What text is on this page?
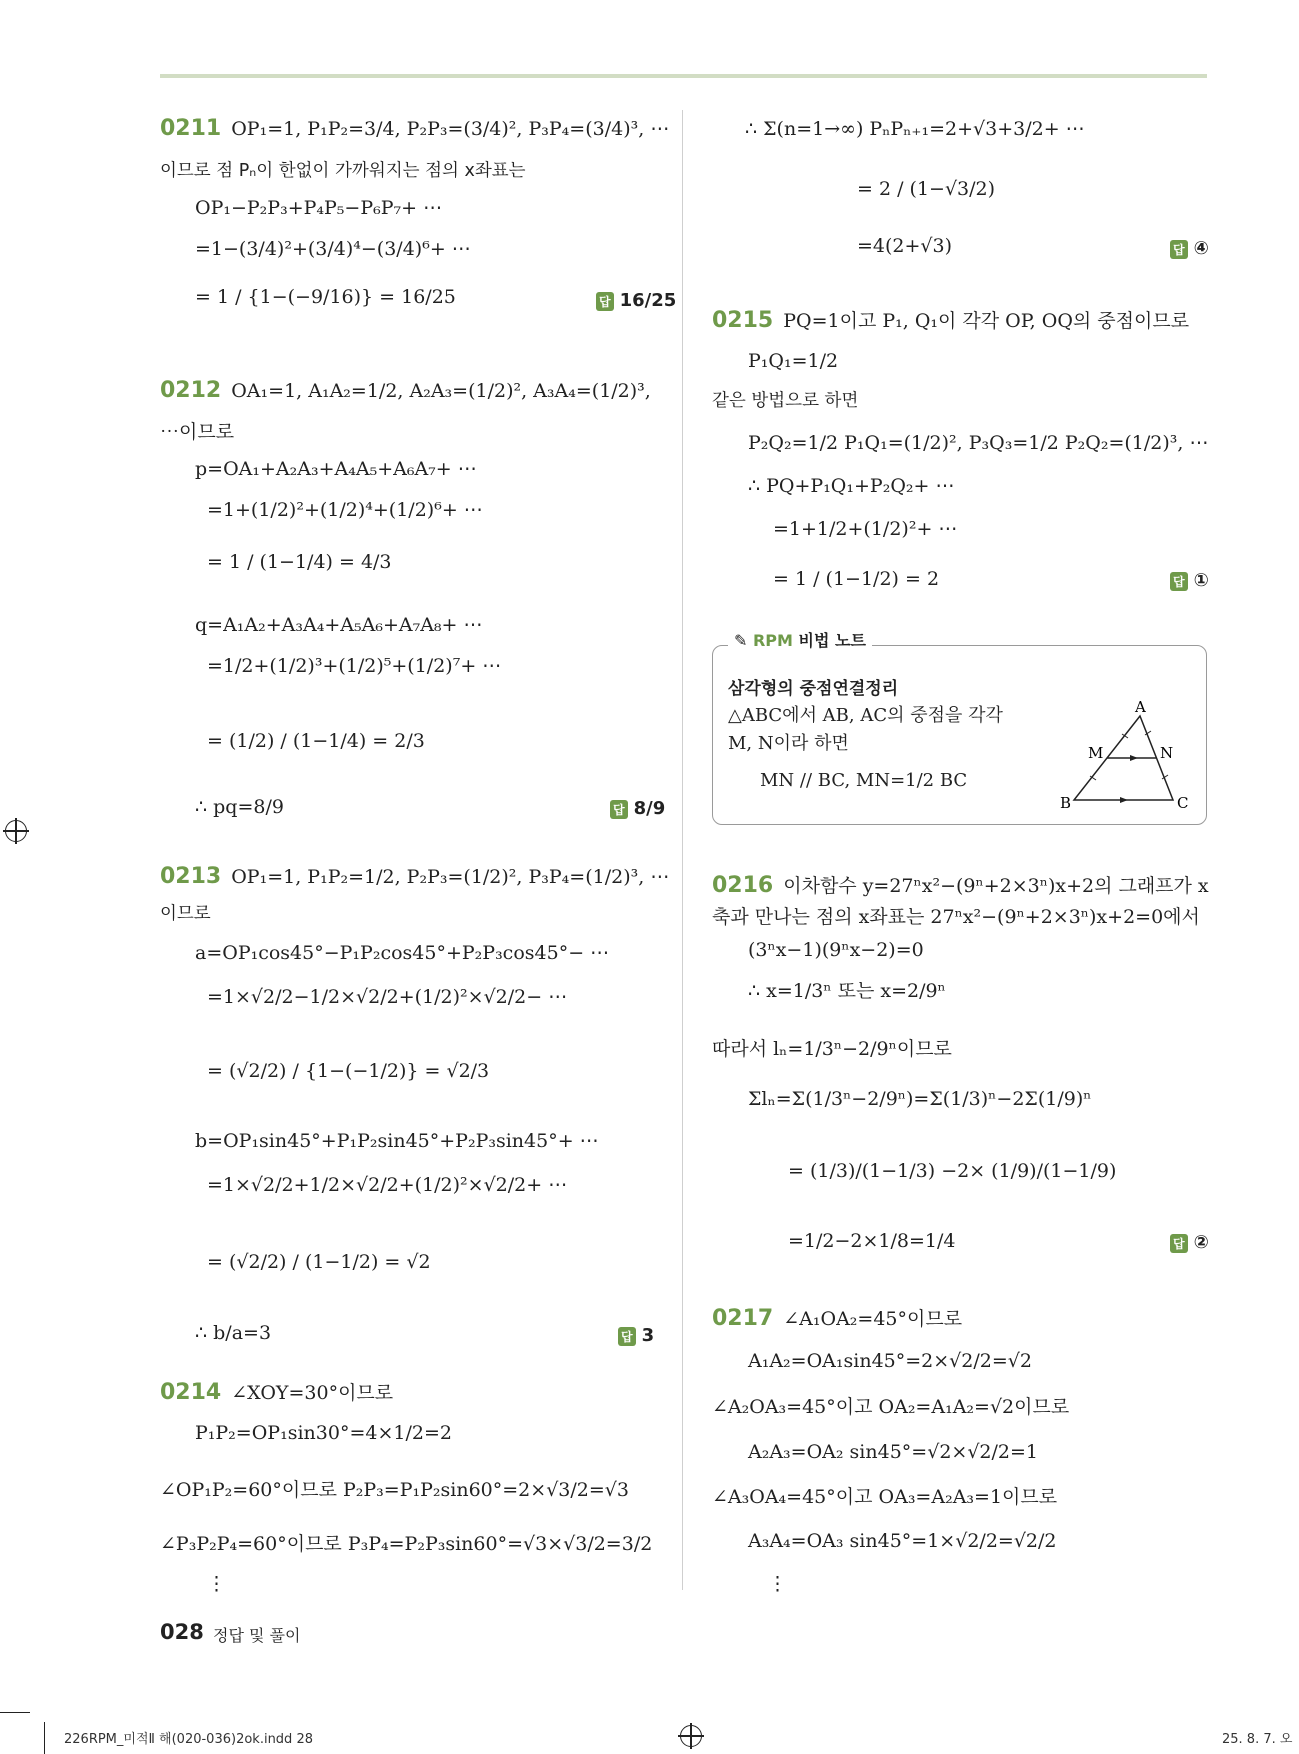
0211 OP₁=1, P₁P₂=3/4, P₂P₃=(3/4)², P₃P₄=(3/4)³, ⋯
이므로 점 Pₙ이 한없이 가까워지는 점의 x좌표는
OP₁−P₂P₃+P₄P₅−P₆P₇+ ⋯
=1−(3/4)²+(3/4)⁴−(3/4)⁶+ ⋯
= 1 / {1−(−9/16)} = 16/25	답 16/25
0212 OA₁=1, A₁A₂=1/2, A₂A₃=(1/2)², A₃A₄=(1/2)³,
⋯이므로
p=OA₁+A₂A₃+A₄A₅+A₆A₇+ ⋯
=1+(1/2)²+(1/2)⁴+(1/2)⁶+ ⋯
= 1 / (1−1/4) = 4/3
q=A₁A₂+A₃A₄+A₅A₆+A₇A₈+ ⋯
=1/2+(1/2)³+(1/2)⁵+(1/2)⁷+ ⋯
= (1/2) / (1−1/4) = 2/3
∴ pq=8/9	답 8/9
0213 OP₁=1, P₁P₂=1/2, P₂P₃=(1/2)², P₃P₄=(1/2)³, ⋯
이므로
a=OP₁cos45°−P₁P₂cos45°+P₂P₃cos45°− ⋯
=1×√2/2−1/2×√2/2+(1/2)²×√2/2− ⋯
= (√2/2) / {1−(−1/2)} = √2/3
b=OP₁sin45°+P₁P₂sin45°+P₂P₃sin45°+ ⋯
=1×√2/2+1/2×√2/2+(1/2)²×√2/2+ ⋯
= (√2/2) / (1−1/2) = √2
∴ b/a=3	답 3
0214 ∠XOY=30°이므로
P₁P₂=OP₁sin30°=4×1/2=2
∠OP₁P₂=60°이므로 P₂P₃=P₁P₂sin60°=2×√3/2=√3
∠P₃P₂P₄=60°이므로 P₃P₄=P₂P₃sin60°=√3×√3/2=3/2
⋮
∴ Σ(n=1→∞) PₙPₙ₊₁=2+√3+3/2+ ⋯
= 2 / (1−√3/2)
=4(2+√3)	답 ④
0215 PQ=1이고 P₁, Q₁이 각각 OP, OQ의 중점이므로
P₁Q₁=1/2
같은 방법으로 하면
P₂Q₂=1/2 P₁Q₁=(1/2)², P₃Q₃=1/2 P₂Q₂=(1/2)³, ⋯
∴ PQ+P₁Q₁+P₂Q₂+ ⋯
=1+1/2+(1/2)²+ ⋯
= 1 / (1−1/2) = 2	답 ①
✎ RPM 비법 노트
삼각형의 중점연결정리
△ABC에서 AB, AC의 중점을 각각
M, N이라 하면
MN // BC, MN=1/2 BC
A
B	C
M	N
0216 이차함수 y=27ⁿx²−(9ⁿ+2×3ⁿ)x+2의 그래프가 x
축과 만나는 점의 x좌표는 27ⁿx²−(9ⁿ+2×3ⁿ)x+2=0에서
(3ⁿx−1)(9ⁿx−2)=0
∴ x=1/3ⁿ 또는 x=2/9ⁿ
따라서 lₙ=1/3ⁿ−2/9ⁿ이므로
Σlₙ=Σ(1/3ⁿ−2/9ⁿ)=Σ(1/3)ⁿ−2Σ(1/9)ⁿ
= (1/3)/(1−1/3) −2× (1/9)/(1−1/9)
=1/2−2×1/8=1/4	답 ②
0217 ∠A₁OA₂=45°이므로
A₁A₂=OA₁sin45°=2×√2/2=√2
∠A₂OA₃=45°이고 OA₂=A₁A₂=√2이므로
A₂A₃=OA₂ sin45°=√2×√2/2=1
∠A₃OA₄=45°이고 OA₃=A₂A₃=1이므로
A₃A₄=OA₃ sin45°=1×√2/2=√2/2
⋮
028 정답 및 풀이
226RPM_미적Ⅱ 해(020-036)2ok.indd 28	25. 8. 7. 오
